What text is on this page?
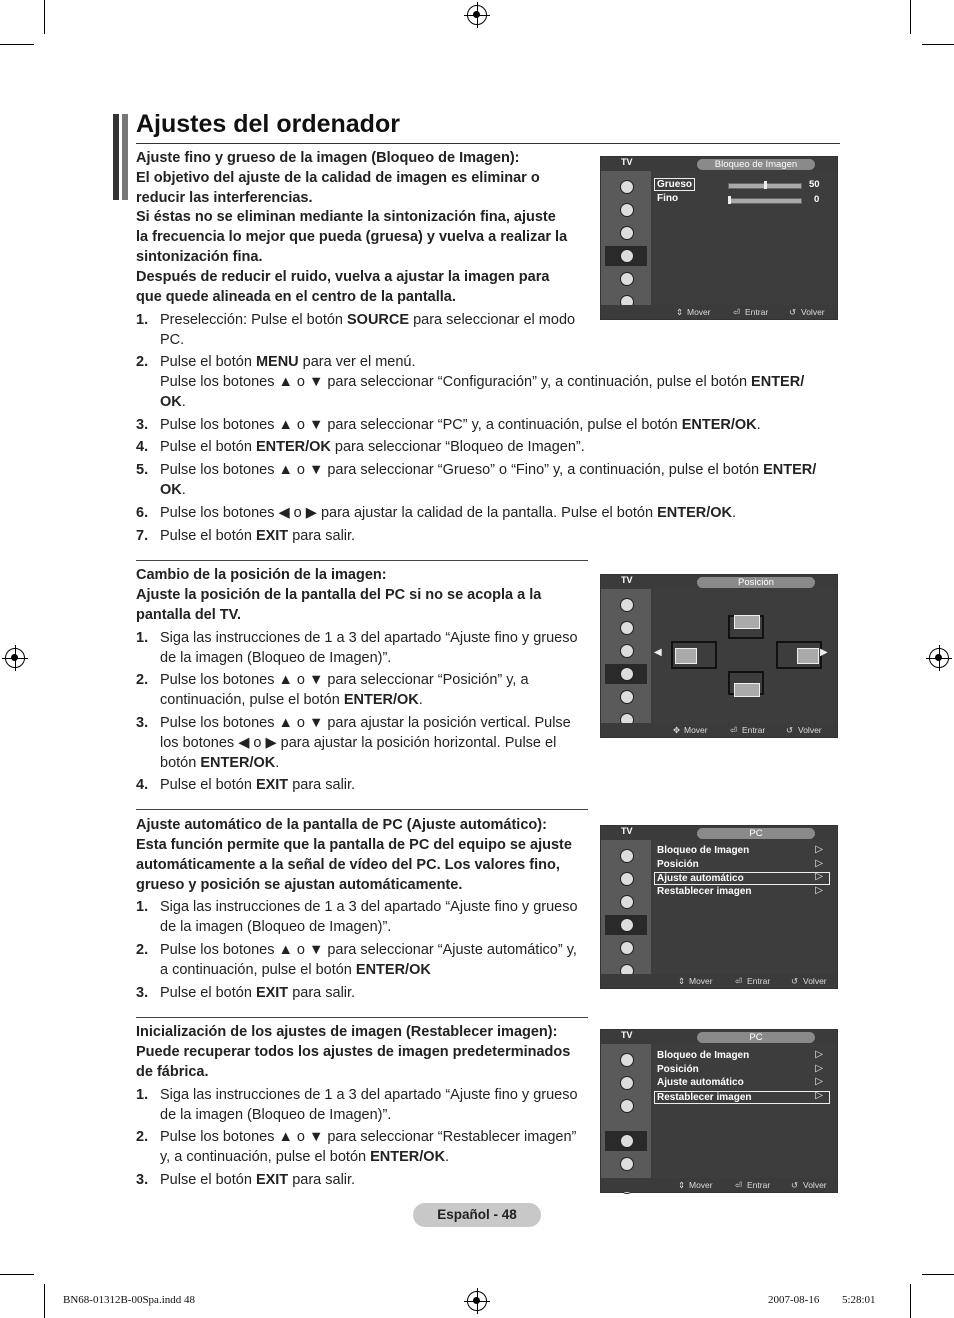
Ajustes del ordenador
Ajuste fino y grueso de la imagen (Bloqueo de Imagen):
El objetivo del ajuste de la calidad de imagen es eliminar o
reducir las interferencias.
Si éstas no se eliminan mediante la sintonización fina, ajuste
la frecuencia lo mejor que pueda (gruesa) y vuelva a realizar la
sintonización fina.
Después de reducir el ruido, vuelva a ajustar la imagen para
que quede alineada en el centro de la pantalla.
1. Preselección: Pulse el botón SOURCE para seleccionar el modo
PC.
2. Pulse el botón MENU para ver el menú.
Pulse los botones ▲ o ▼ para seleccionar “Configuración” y, a continuación, pulse el botón ENTER/
OK.
3. Pulse los botones ▲ o ▼ para seleccionar “PC” y, a continuación, pulse el botón ENTER/OK.
4. Pulse el botón ENTER/OK para seleccionar “Bloqueo de Imagen”.
5. Pulse los botones ▲ o ▼ para seleccionar “Grueso” o “Fino” y, a continuación, pulse el botón ENTER/
OK.
6. Pulse los botones ◀ o ▶ para ajustar la calidad de la pantalla. Pulse el botón ENTER/OK.
7. Pulse el botón EXIT para salir.
Cambio de la posición de la imagen:
Ajuste la posición de la pantalla del PC si no se acopla a la
pantalla del TV.
1. Siga las instrucciones de 1 a 3 del apartado “Ajuste fino y grueso
de la imagen (Bloqueo de Imagen)”.
2. Pulse los botones ▲ o ▼ para seleccionar “Posición” y, a
continuación, pulse el botón ENTER/OK.
3. Pulse los botones ▲ o ▼ para ajustar la posición vertical. Pulse
los botones ◀ o ▶ para ajustar la posición horizontal. Pulse el
botón ENTER/OK.
4. Pulse el botón EXIT para salir.
Ajuste automático de la pantalla de PC (Ajuste automático):
Esta función permite que la pantalla de PC del equipo se ajuste
automáticamente a la señal de vídeo del PC. Los valores fino,
grueso y posición se ajustan automáticamente.
1. Siga las instrucciones de 1 a 3 del apartado “Ajuste fino y grueso
de la imagen (Bloqueo de Imagen)”.
2. Pulse los botones ▲ o ▼ para seleccionar “Ajuste automático” y,
a continuación, pulse el botón ENTER/OK
3. Pulse el botón EXIT para salir.
Inicialización de los ajustes de imagen (Restablecer imagen):
Puede recuperar todos los ajustes de imagen predeterminados
de fábrica.
1. Siga las instrucciones de 1 a 3 del apartado “Ajuste fino y grueso
de la imagen (Bloqueo de Imagen)”.
2. Pulse los botones ▲ o ▼ para seleccionar “Restablecer imagen”
y, a continuación, pulse el botón ENTER/OK.
3. Pulse el botón EXIT para salir.
TV	Bloqueo de Imagen
Grueso	50
Fino	0
⇕ Mover	⏎ Entrar ↺ Volver
TV	Posición
◀	▶
✥ Mover	⏎ Entrar ↺ Volver
TV	PC
Bloqueo de Imagen	▷
Posición	▷
Ajuste automático	▷
Restablecer imagen	▷
⇕ Mover	⏎ Entrar ↺ Volver
TV	PC
Bloqueo de Imagen	▷
Posición	▷
Ajuste automático	▷
Restablecer imagen	▷
⇕ Mover	⏎ Entrar ↺ Volver
Español - 48
BN68-01312B-00Spa.indd 48	2007-08-16 􀀀􀀀 5:28:01
